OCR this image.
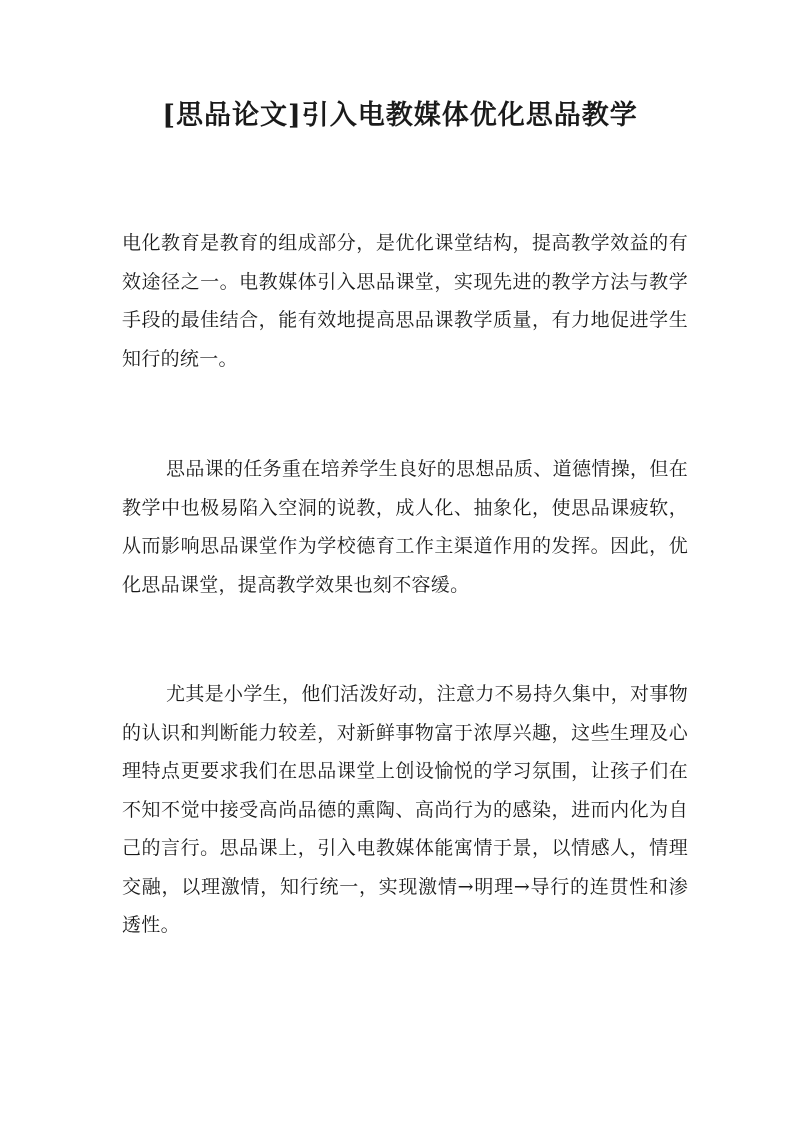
[思品论文]引入电教媒体优化思品教学

电化教育是教育的组成部分，是优化课堂结构，提高教学效益的有效途径之一。电教媒体引入思品课堂，实现先进的教学方法与教学手段的最佳结合，能有效地提高思品课教学质量，有力地促进学生知行的统一。

思品课的任务重在培养学生良好的思想品质、道德情操，但在教学中也极易陷入空洞的说教，成人化、抽象化，使思品课疲软，从而影响思品课堂作为学校德育工作主渠道作用的发挥。因此，优化思品课堂，提高教学效果也刻不容缓。

尤其是小学生，他们活泼好动，注意力不易持久集中，对事物的认识和判断能力较差，对新鲜事物富于浓厚兴趣，这些生理及心理特点更要求我们在思品课堂上创设愉悦的学习氛围，让孩子们在不知不觉中接受高尚品德的熏陶、高尚行为的感染，进而内化为自己的言行。思品课上，引入电教媒体能寓情于景，以情感人，情理交融，以理激情，知行统一，实现激情→明理→导行的连贯性和渗透性。
